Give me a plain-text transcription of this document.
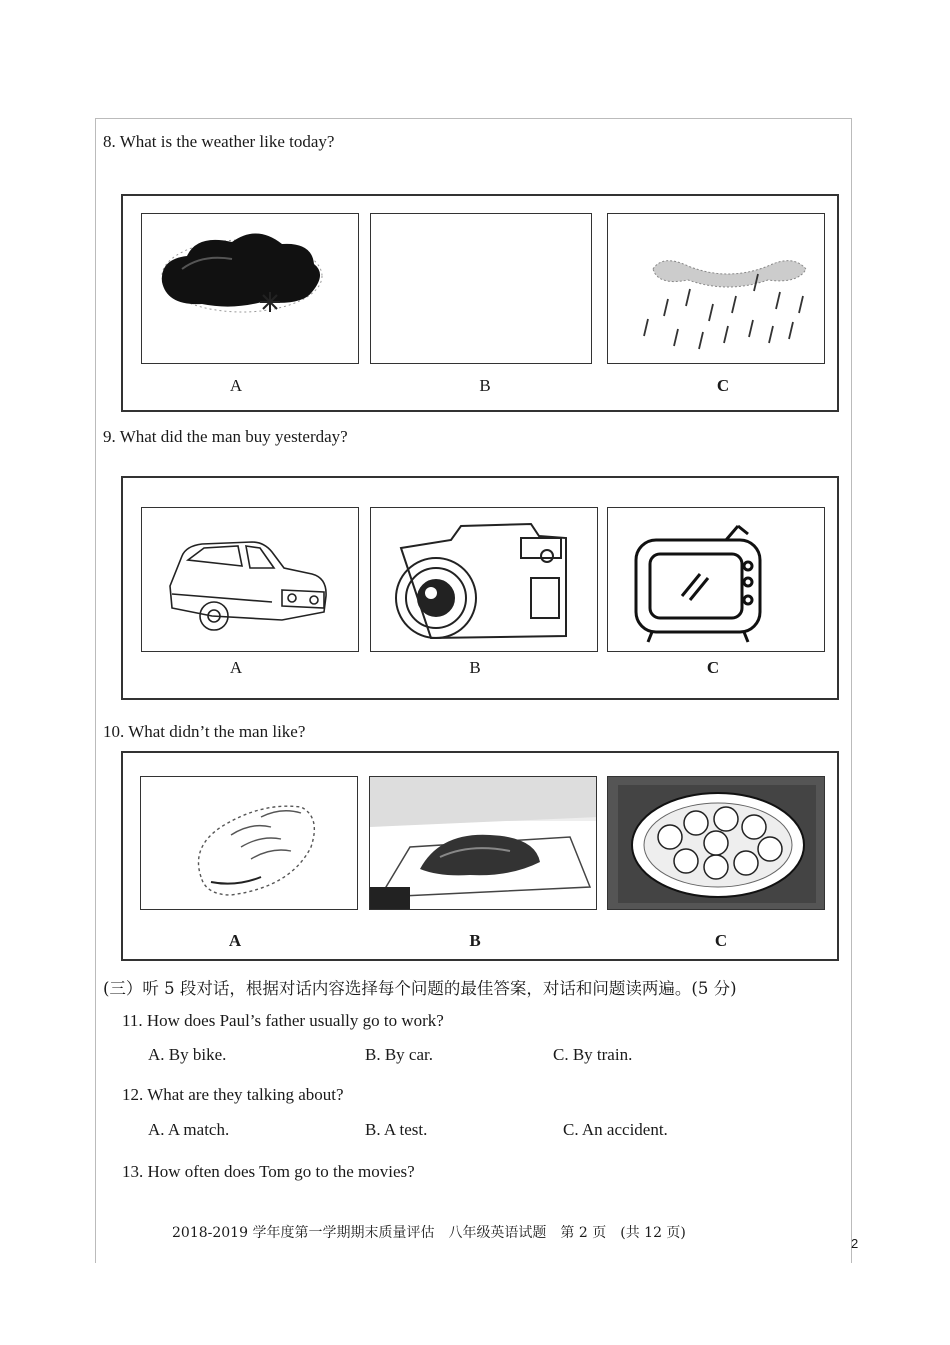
8. What is the weather like today?
A	B	C
9. What did the man buy yesterday?
A	B	C
10. What didn’t the man like?
A	B	C
(三）听 5 段对话，根据对话内容选择每个问题的最佳答案，对话和问题读两遍。(5 分)
11. How does Paul’s father usually go to work?
A. By bike.	B. By car.	C. By train.
12. What are they talking about?
A. A match.	B. A test.	C. An accident.
13. How often does Tom go to the movies?
2018-2019 学年度第一学期期末质量评估　八年级英语试题　第 2 页　(共 12 页)
2
